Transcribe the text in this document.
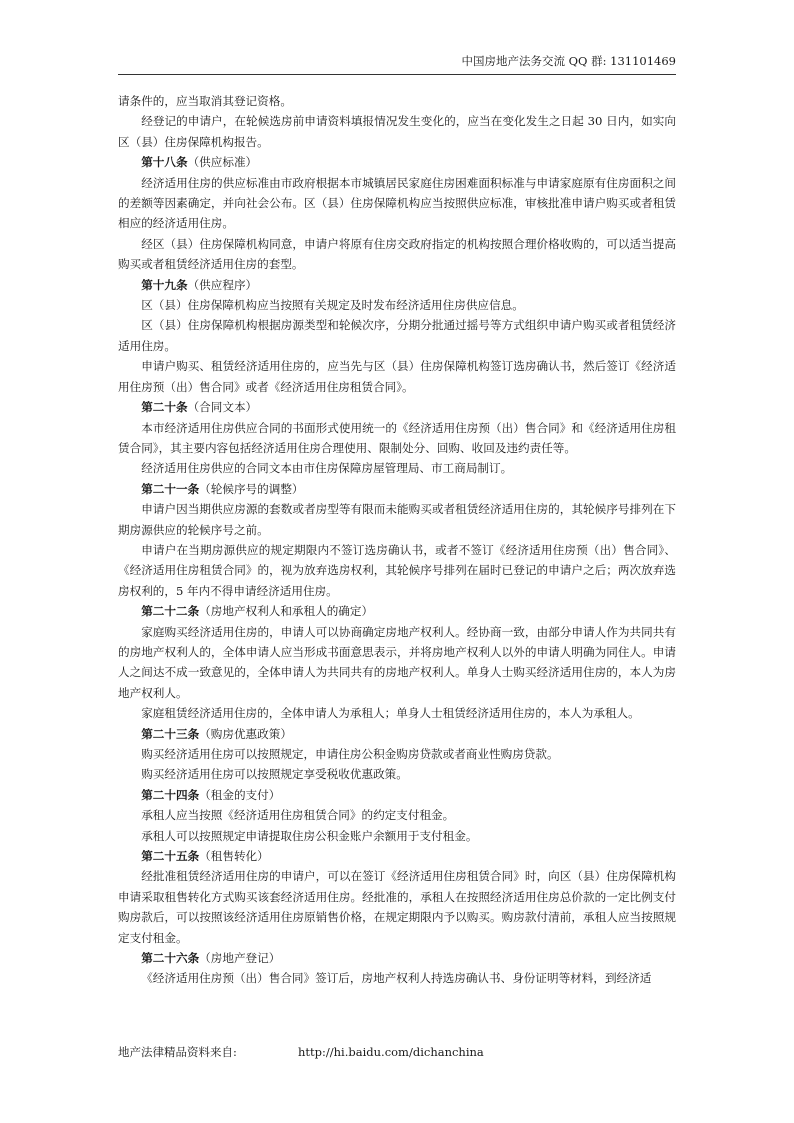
中国房地产法务交流 QQ 群: 131101469

请条件的，应当取消其登记资格。

经登记的申请户，在轮候选房前申请资料填报情况发生变化的，应当在变化发生之日起 30 日内，如实向区（县）住房保障机构报告。

第十八条（供应标准）

经济适用住房的供应标准由市政府根据本市城镇居民家庭住房困难面积标准与申请家庭原有住房面积之间的差额等因素确定，并向社会公布。区（县）住房保障机构应当按照供应标准，审核批准申请户购买或者租赁相应的经济适用住房。

经区（县）住房保障机构同意，申请户将原有住房交政府指定的机构按照合理价格收购的，可以适当提高购买或者租赁经济适用住房的套型。

第十九条（供应程序）

区（县）住房保障机构应当按照有关规定及时发布经济适用住房供应信息。

区（县）住房保障机构根据房源类型和轮候次序，分期分批通过摇号等方式组织申请户购买或者租赁经济适用住房。

申请户购买、租赁经济适用住房的，应当先与区（县）住房保障机构签订选房确认书，然后签订《经济适用住房预（出）售合同》或者《经济适用住房租赁合同》。

第二十条（合同文本）

本市经济适用住房供应合同的书面形式使用统一的《经济适用住房预（出）售合同》和《经济适用住房租赁合同》，其主要内容包括经济适用住房合理使用、限制处分、回购、收回及违约责任等。

经济适用住房供应的合同文本由市住房保障房屋管理局、市工商局制订。

第二十一条（轮候序号的调整）

申请户因当期供应房源的套数或者房型等有限而未能购买或者租赁经济适用住房的，其轮候序号排列在下期房源供应的轮候序号之前。

申请户在当期房源供应的规定期限内不签订选房确认书，或者不签订《经济适用住房预（出）售合同》、《经济适用住房租赁合同》的，视为放弃选房权利，其轮候序号排列在届时已登记的申请户之后；两次放弃选房权利的，5 年内不得申请经济适用住房。

第二十二条（房地产权利人和承租人的确定）

家庭购买经济适用住房的，申请人可以协商确定房地产权利人。经协商一致，由部分申请人作为共同共有的房地产权利人的，全体申请人应当形成书面意思表示，并将房地产权利人以外的申请人明确为同住人。申请人之间达不成一致意见的，全体申请人为共同共有的房地产权利人。单身人士购买经济适用住房的，本人为房地产权利人。

家庭租赁经济适用住房的，全体申请人为承租人；单身人士租赁经济适用住房的，本人为承租人。

第二十三条（购房优惠政策）

购买经济适用住房可以按照规定，申请住房公积金购房贷款或者商业性购房贷款。

购买经济适用住房可以按照规定享受税收优惠政策。

第二十四条（租金的支付）

承租人应当按照《经济适用住房租赁合同》的约定支付租金。

承租人可以按照规定申请提取住房公积金账户余额用于支付租金。

第二十五条（租售转化）

经批准租赁经济适用住房的申请户，可以在签订《经济适用住房租赁合同》时，向区（县）住房保障机构申请采取租售转化方式购买该套经济适用住房。经批准的，承租人在按照经济适用住房总价款的一定比例支付购房款后，可以按照该经济适用住房原销售价格，在规定期限内予以购买。购房款付清前，承租人应当按照规定支付租金。

第二十六条（房地产登记）

《经济适用住房预（出）售合同》签订后，房地产权利人持选房确认书、身份证明等材料，到经济适

地产法律精品资料来自:	http://hi.baidu.com/dichanchina
